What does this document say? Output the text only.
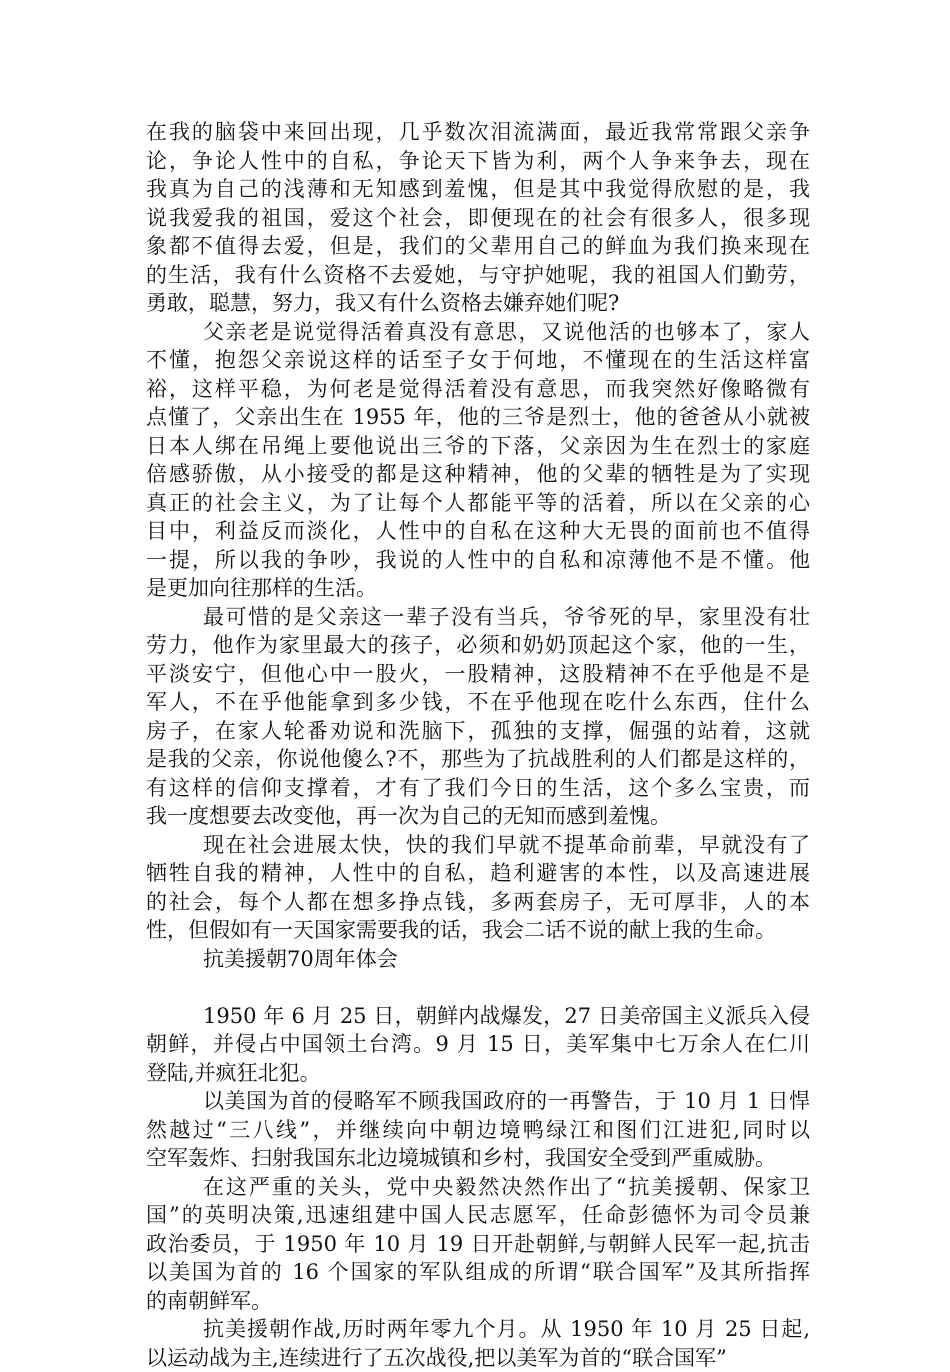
在我的脑袋中来回出现，几乎数次泪流满面，最近我常常跟父亲争
论，争论人性中的自私，争论天下皆为利，两个人争来争去，现在
我真为自己的浅薄和无知感到羞愧，但是其中我觉得欣慰的是，我
说我爱我的祖国，爱这个社会，即便现在的社会有很多人，很多现
象都不值得去爱，但是，我们的父辈用自己的鲜血为我们换来现在
的生活，我有什么资格不去爱她，与守护她呢，我的祖国人们勤劳，
勇敢，聪慧，努力，我又有什么资格去嫌弃她们呢?
父亲老是说觉得活着真没有意思，又说他活的也够本了，家人
不懂，抱怨父亲说这样的话至子女于何地，不懂现在的生活这样富
裕，这样平稳，为何老是觉得活着没有意思，而我突然好像略微有
点懂了，父亲出生在 1955 年，他的三爷是烈士，他的爸爸从小就被
日本人绑在吊绳上要他说出三爷的下落，父亲因为生在烈士的家庭
倍感骄傲，从小接受的都是这种精神，他的父辈的牺牲是为了实现
真正的社会主义，为了让每个人都能平等的活着，所以在父亲的心
目中，利益反而淡化，人性中的自私在这种大无畏的面前也不值得
一提，所以我的争吵，我说的人性中的自私和凉薄他不是不懂。他
是更加向往那样的生活。
最可惜的是父亲这一辈子没有当兵，爷爷死的早，家里没有壮
劳力，他作为家里最大的孩子，必须和奶奶顶起这个家，他的一生，
平淡安宁，但他心中一股火，一股精神，这股精神不在乎他是不是
军人，不在乎他能拿到多少钱，不在乎他现在吃什么东西，住什么
房子，在家人轮番劝说和洗脑下，孤独的支撑，倔强的站着，这就
是我的父亲，你说他傻么?不，那些为了抗战胜利的人们都是这样的，
有这样的信仰支撑着，才有了我们今日的生活，这个多么宝贵，而
我一度想要去改变他，再一次为自己的无知而感到羞愧。
现在社会进展太快，快的我们早就不提革命前辈，早就没有了
牺牲自我的精神，人性中的自私，趋利避害的本性，以及高速进展
的社会，每个人都在想多挣点钱，多两套房子，无可厚非，人的本
性，但假如有一天国家需要我的话，我会二话不说的献上我的生命。
抗美援朝70周年体会
1950 年 6 月 25 日，朝鲜内战爆发，27 日美帝国主义派兵入侵
朝鲜，并侵占中国领土台湾。9 月 15 日，美军集中七万余人在仁川
登陆,并疯狂北犯。
以美国为首的侵略军不顾我国政府的一再警告，于 10 月 1 日悍
然越过“三八线”，并继续向中朝边境鸭绿江和图们江进犯,同时以
空军轰炸、扫射我国东北边境城镇和乡村，我国安全受到严重威胁。
在这严重的关头，党中央毅然决然作出了“抗美援朝、保家卫
国”的英明决策,迅速组建中国人民志愿军，任命彭德怀为司令员兼
政治委员，于 1950 年 10 月 19 日开赴朝鲜,与朝鲜人民军一起,抗击
以美国为首的 16 个国家的军队组成的所谓“联合国军”及其所指挥
的南朝鲜军。
抗美援朝作战,历时两年零九个月。从 1950 年 10 月 25 日起,
以运动战为主,连续进行了五次战役,把以美军为首的“联合国军”
